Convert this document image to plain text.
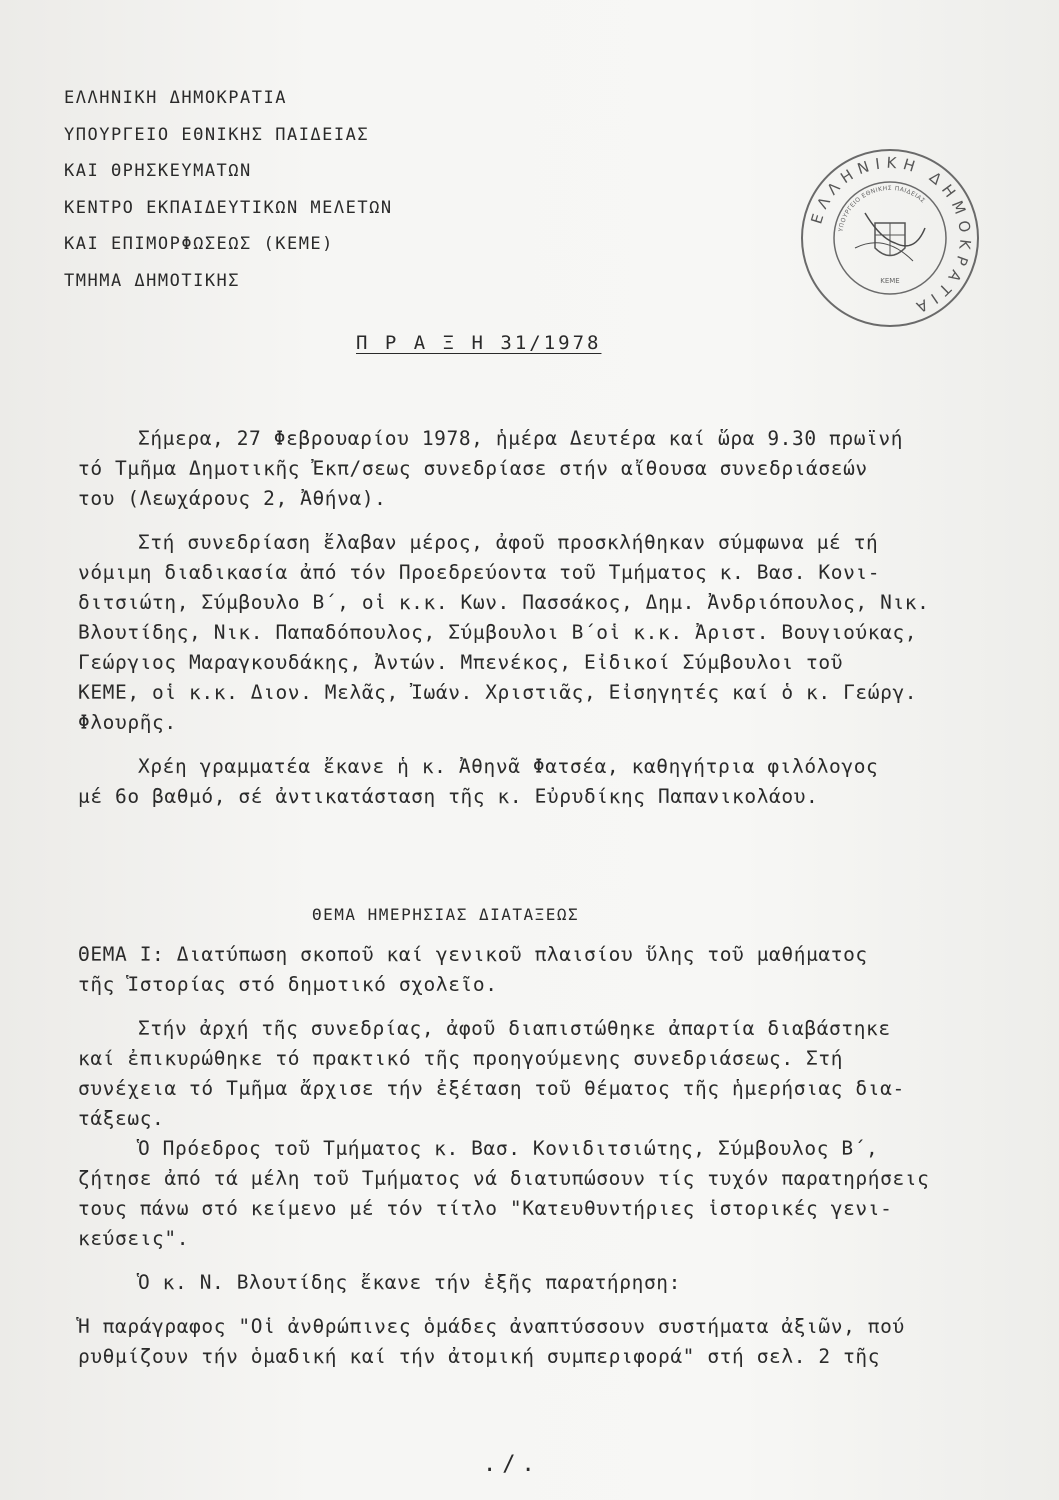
ΕΛΛΗΝΙΚΗ ΔΗΜΟΚΡΑΤΙΑ
ΥΠΟΥΡΓΕΙΟ ΕΘΝΙΚΗΣ ΠΑΙΔΕΙΑΣ
ΚΑΙ ΘΡΗΣΚΕΥΜΑΤΩΝ
ΚΕΝΤΡΟ ΕΚΠΑΙΔΕΥΤΙΚΩΝ ΜΕΛΕΤΩΝ
ΚΑΙ ΕΠΙΜΟΡΦΩΣΕΩΣ (ΚΕΜΕ)
ΤΜΗΜΑ ΔΗΜΟΤΙΚΗΣ
ΕΛΛΗΝΙΚΗ ΔΗΜΟΚΡΑΤΙΑ
ΥΠΟΥΡΓΕΙΟ ΕΘΝΙΚΗΣ ΠΑΙΔΕΙΑΣ
ΚΕΜΕ
Π Ρ Α Ξ Η 31/1978
Σήμερα, 27 Φεβρουαρίου 1978, ἡμέρα Δευτέρα καί ὥρα 9.30 πρωϊνή
τό Τμῆμα Δημοτικῆς Ἐκπ/σεως συνεδρίασε στήν αἴθουσα συνεδριάσεών
του (Λεωχάρους 2, Ἀθήνα).
Στή συνεδρίαση ἔλαβαν μέρος, ἀφοῦ προσκλήθηκαν σύμφωνα μέ τή
νόμιμη διαδικασία ἀπό τόν Προεδρεύοντα τοῦ Τμήματος κ. Βασ. Κονι-
διτσιώτη, Σύμβουλο Β΄, οἱ κ.κ. Κων. Πασσάκος, Δημ. Ἀνδριόπουλος, Νικ.
Βλουτίδης, Νικ. Παπαδόπουλος, Σύμβουλοι Β΄οἱ κ.κ. Ἀριστ. Βουγιούκας,
Γεώργιος Μαραγκουδάκης, Ἀντών. Μπενέκος, Εἰδικοί Σύμβουλοι τοῦ
ΚΕΜΕ, οἱ κ.κ. Διον. Μελᾶς, Ἰωάν. Χριστιᾶς, Εἰσηγητές καί ὁ κ. Γεώργ.
Φλουρῆς.
Χρέη γραμματέα ἔκανε ἡ κ. Ἀθηνᾶ Φατσέα, καθηγήτρια φιλόλογος
μέ 6ο βαθμό, σέ ἀντικατάσταση τῆς κ. Εὐρυδίκης Παπανικολάου.
ΘΕΜΑ ΗΜΕΡΗΣΙΑΣ ΔΙΑΤΑΞΕΩΣ
ΘΕΜΑ Ι: Διατύπωση σκοποῦ καί γενικοῦ πλαισίου ὕλης τοῦ μαθήματος
τῆς Ἱστορίας στό δημοτικό σχολεῖο.
Στήν ἀρχή τῆς συνεδρίας, ἀφοῦ διαπιστώθηκε ἀπαρτία διαβάστηκε
καί ἐπικυρώθηκε τό πρακτικό τῆς προηγούμενης συνεδριάσεως. Στή
συνέχεια τό Τμῆμα ἄρχισε τήν ἐξέταση τοῦ θέματος τῆς ἡμερήσιας δια-
τάξεως.
Ὁ Πρόεδρος τοῦ Τμήματος κ. Βασ. Κονιδιτσιώτης, Σύμβουλος Β΄,
ζήτησε ἀπό τά μέλη τοῦ Τμήματος νά διατυπώσουν τίς τυχόν παρατηρήσεις
τους πάνω στό κείμενο μέ τόν τίτλο "Κατευθυντήριες ἱστορικές γενι-
κεύσεις".
Ὁ κ. Ν. Βλουτίδης ἔκανε τήν ἑξῆς παρατήρηση:
Ἡ παράγραφος "Οἱ ἀνθρώπινες ὁμάδες ἀναπτύσσουν συστήματα ἀξιῶν, πού
ρυθμίζουν τήν ὁμαδική καί τήν ἀτομική συμπεριφορά" στή σελ. 2 τῆς
./.
